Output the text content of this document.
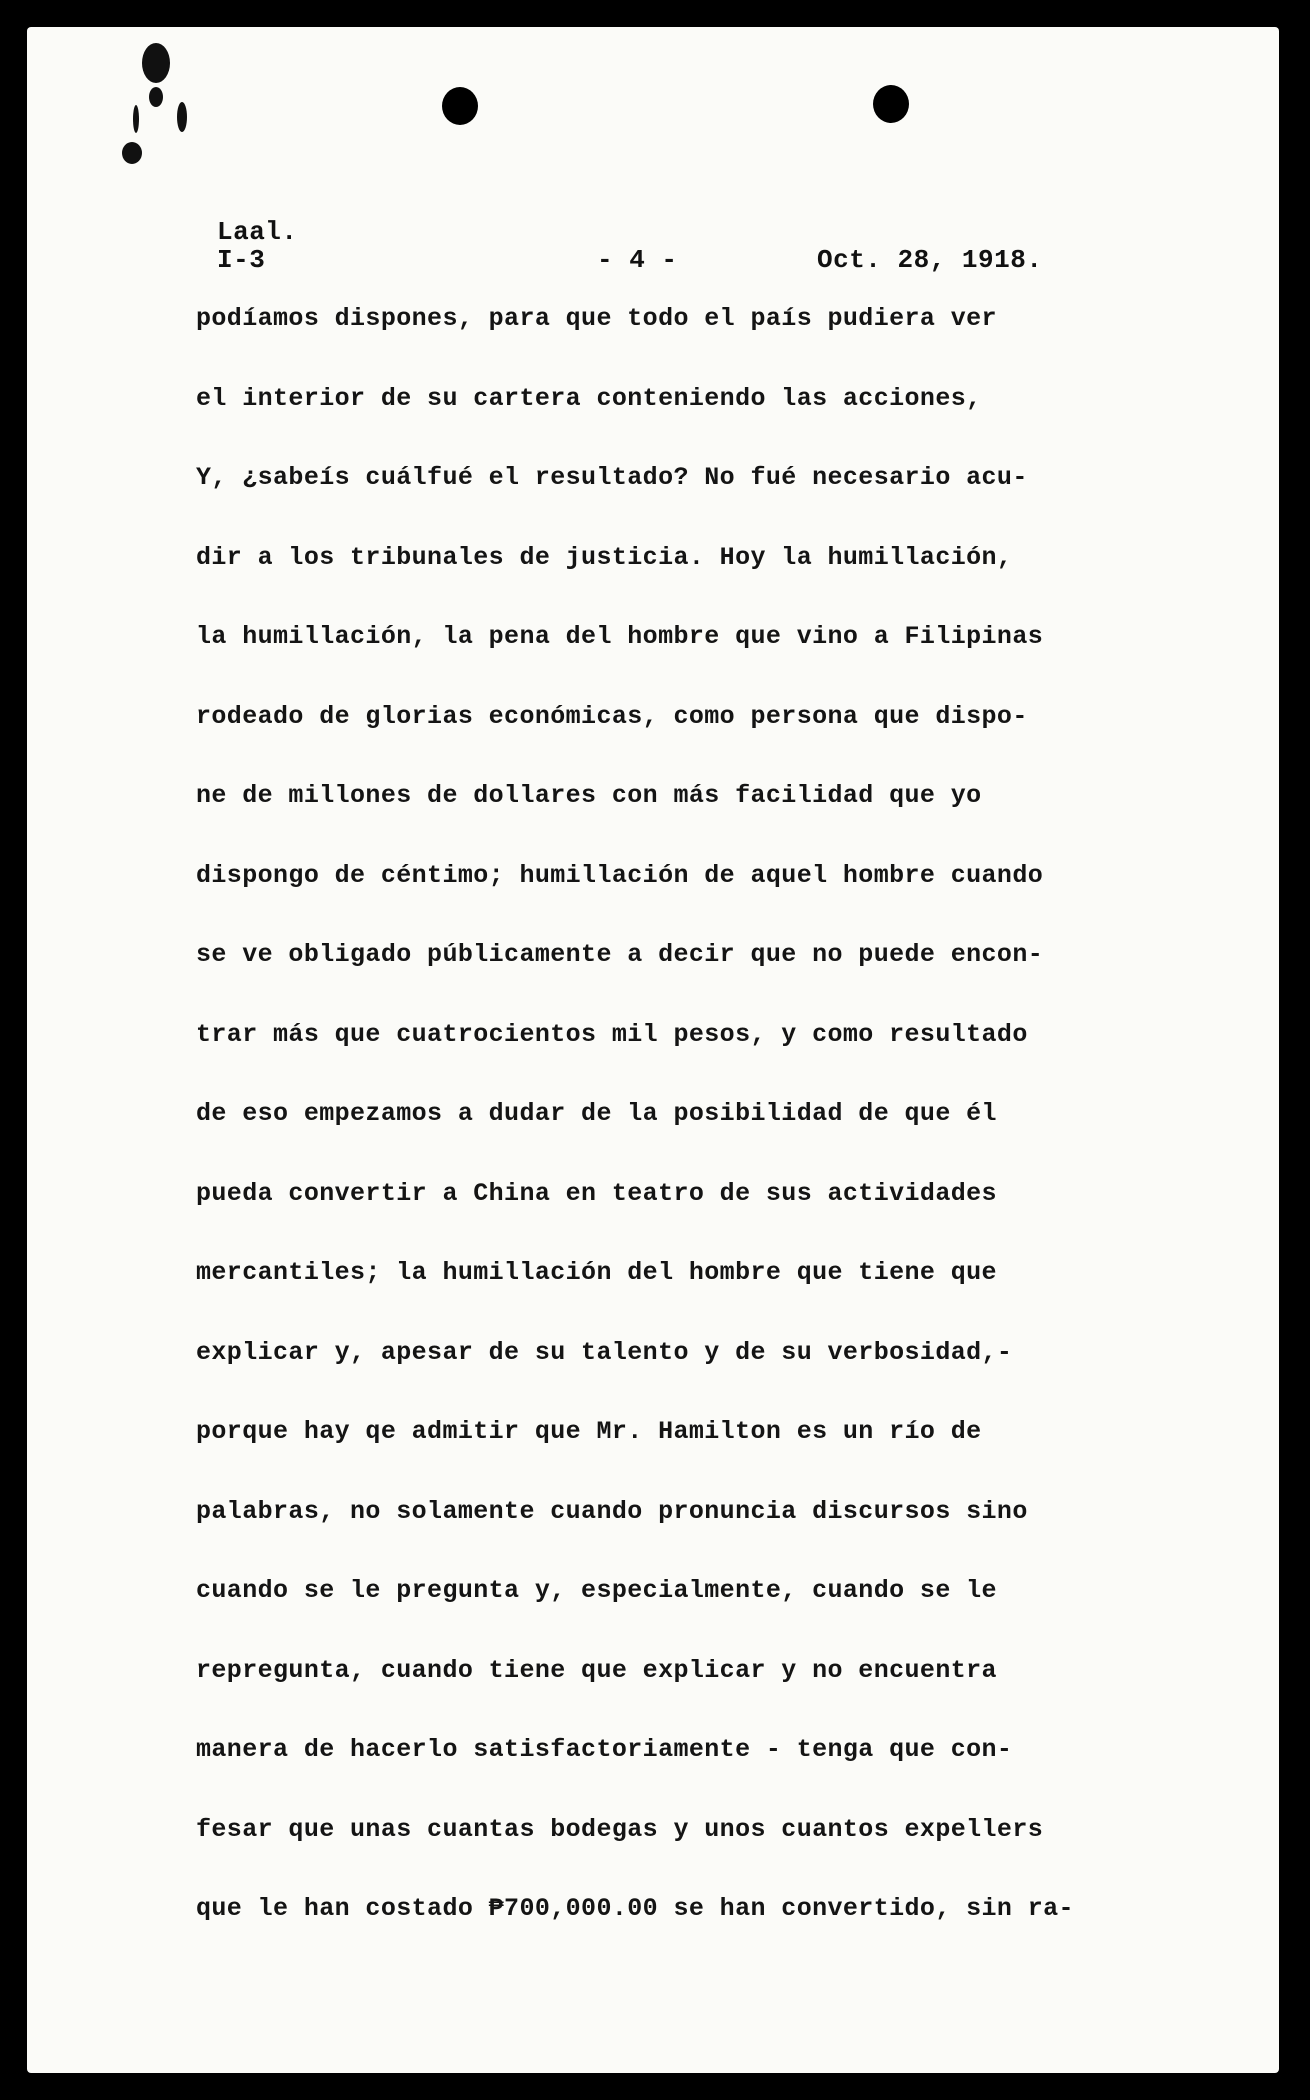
Laal.
I-3	- 4 -	Oct. 28, 1918.
podíamos dispones, para que todo el país pudiera ver
el interior de su cartera conteniendo las acciones,
Y, ¿sabeís cuálfué el resultado? No fué necesario acu-
dir a los tribunales de justicia. Hoy la humillación,
la humillación, la pena del hombre que vino a Filipinas
rodeado de glorias económicas, como persona que dispo-
ne de millones de dollares con más facilidad que yo
dispongo de céntimo; humillación de aquel hombre cuando
se ve obligado públicamente a decir que no puede encon-
trar más que cuatrocientos mil pesos, y como resultado
de eso empezamos a dudar de la posibilidad de que él
pueda convertir a China en teatro de sus actividades
mercantiles; la humillación del hombre que tiene que
explicar y, apesar de su talento y de su verbosidad,-
porque hay qe admitir que Mr. Hamilton es un río de
palabras, no solamente cuando pronuncia discursos sino
cuando se le pregunta y, especialmente, cuando se le
repregunta, cuando tiene que explicar y no encuentra
manera de hacerlo satisfactoriamente - tenga que con-
fesar que unas cuantas bodegas y unos cuantos expellers
que le han costado ₱700,000.00 se han convertido, sin ra-
